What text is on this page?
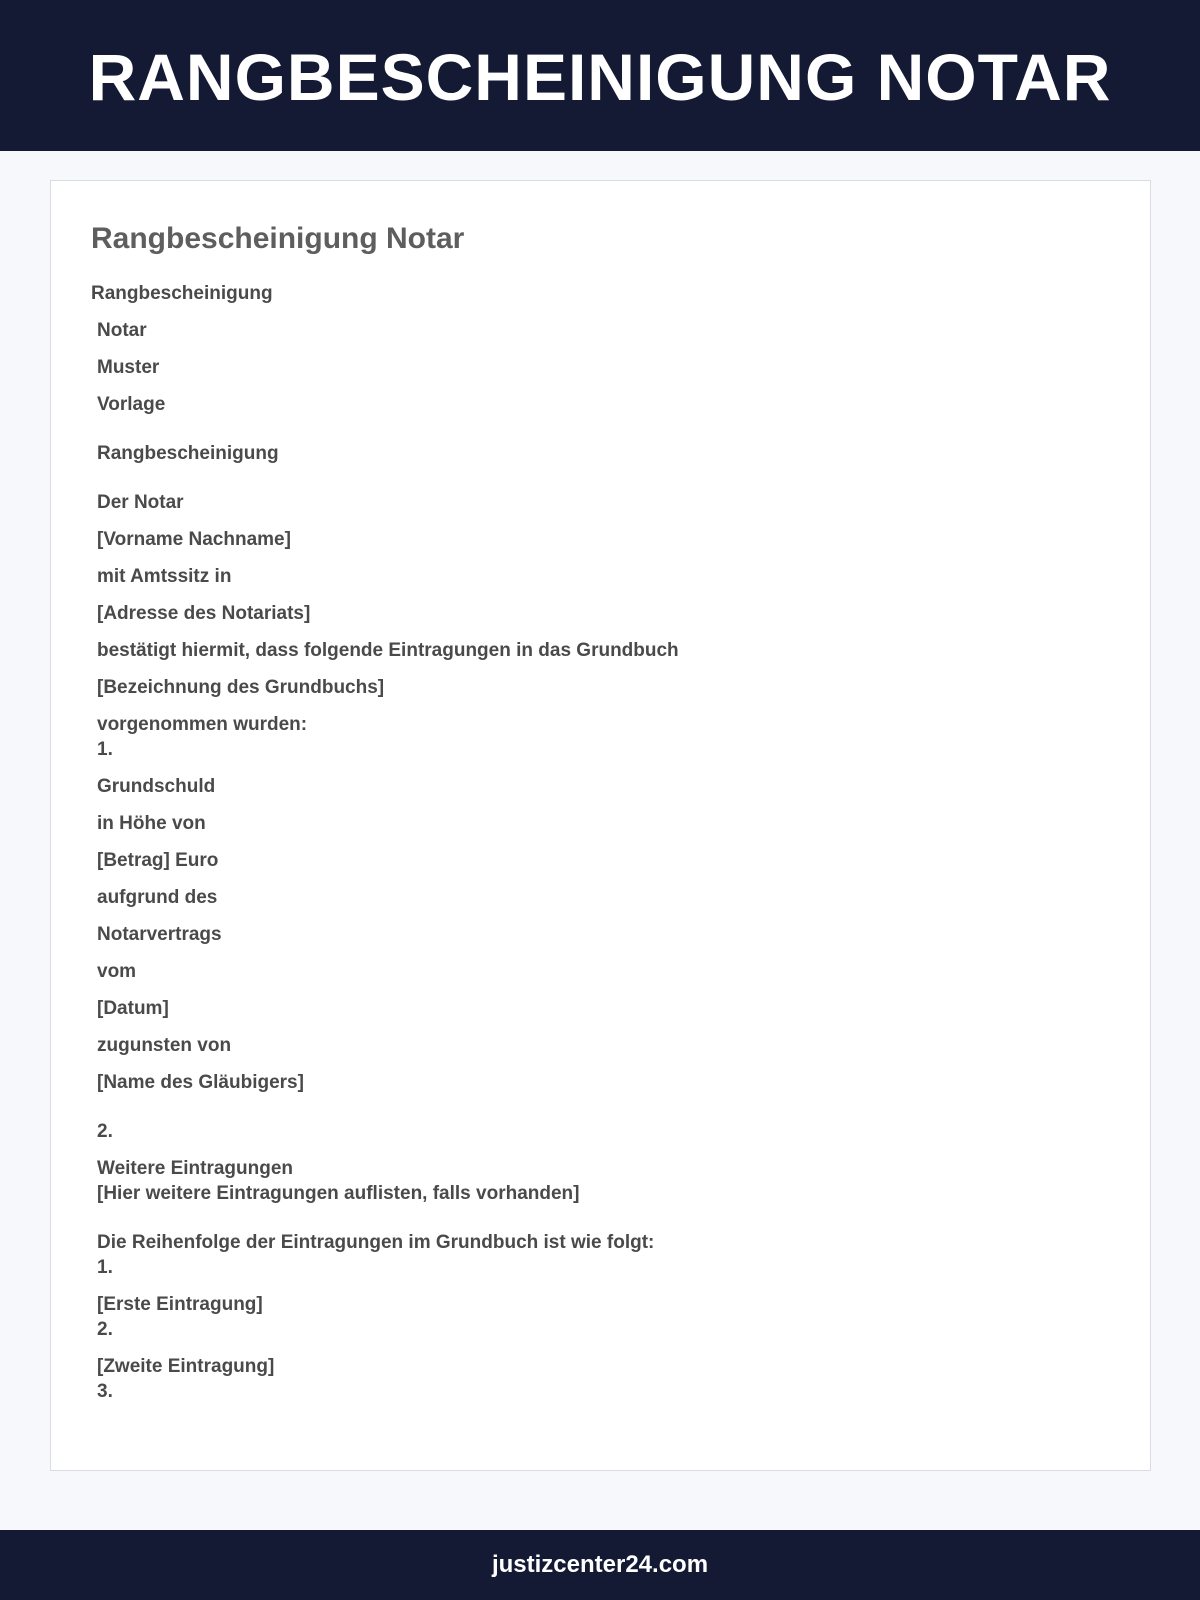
RANGBESCHEINIGUNG NOTAR
Rangbescheinigung Notar
Rangbescheinigung
Notar
Muster
Vorlage
Rangbescheinigung
Der Notar
[Vorname Nachname]
mit Amtssitz in
[Adresse des Notariats]
bestätigt hiermit, dass folgende Eintragungen in das Grundbuch
[Bezeichnung des Grundbuchs]
vorgenommen wurden:
1.
Grundschuld
in Höhe von
[Betrag] Euro
aufgrund des
Notarvertrags
vom
[Datum]
zugunsten von
[Name des Gläubigers]
2.
Weitere Eintragungen
[Hier weitere Eintragungen auflisten, falls vorhanden]
Die Reihenfolge der Eintragungen im Grundbuch ist wie folgt:
1.
[Erste Eintragung]
2.
[Zweite Eintragung]
3.
justizcenter24.com
